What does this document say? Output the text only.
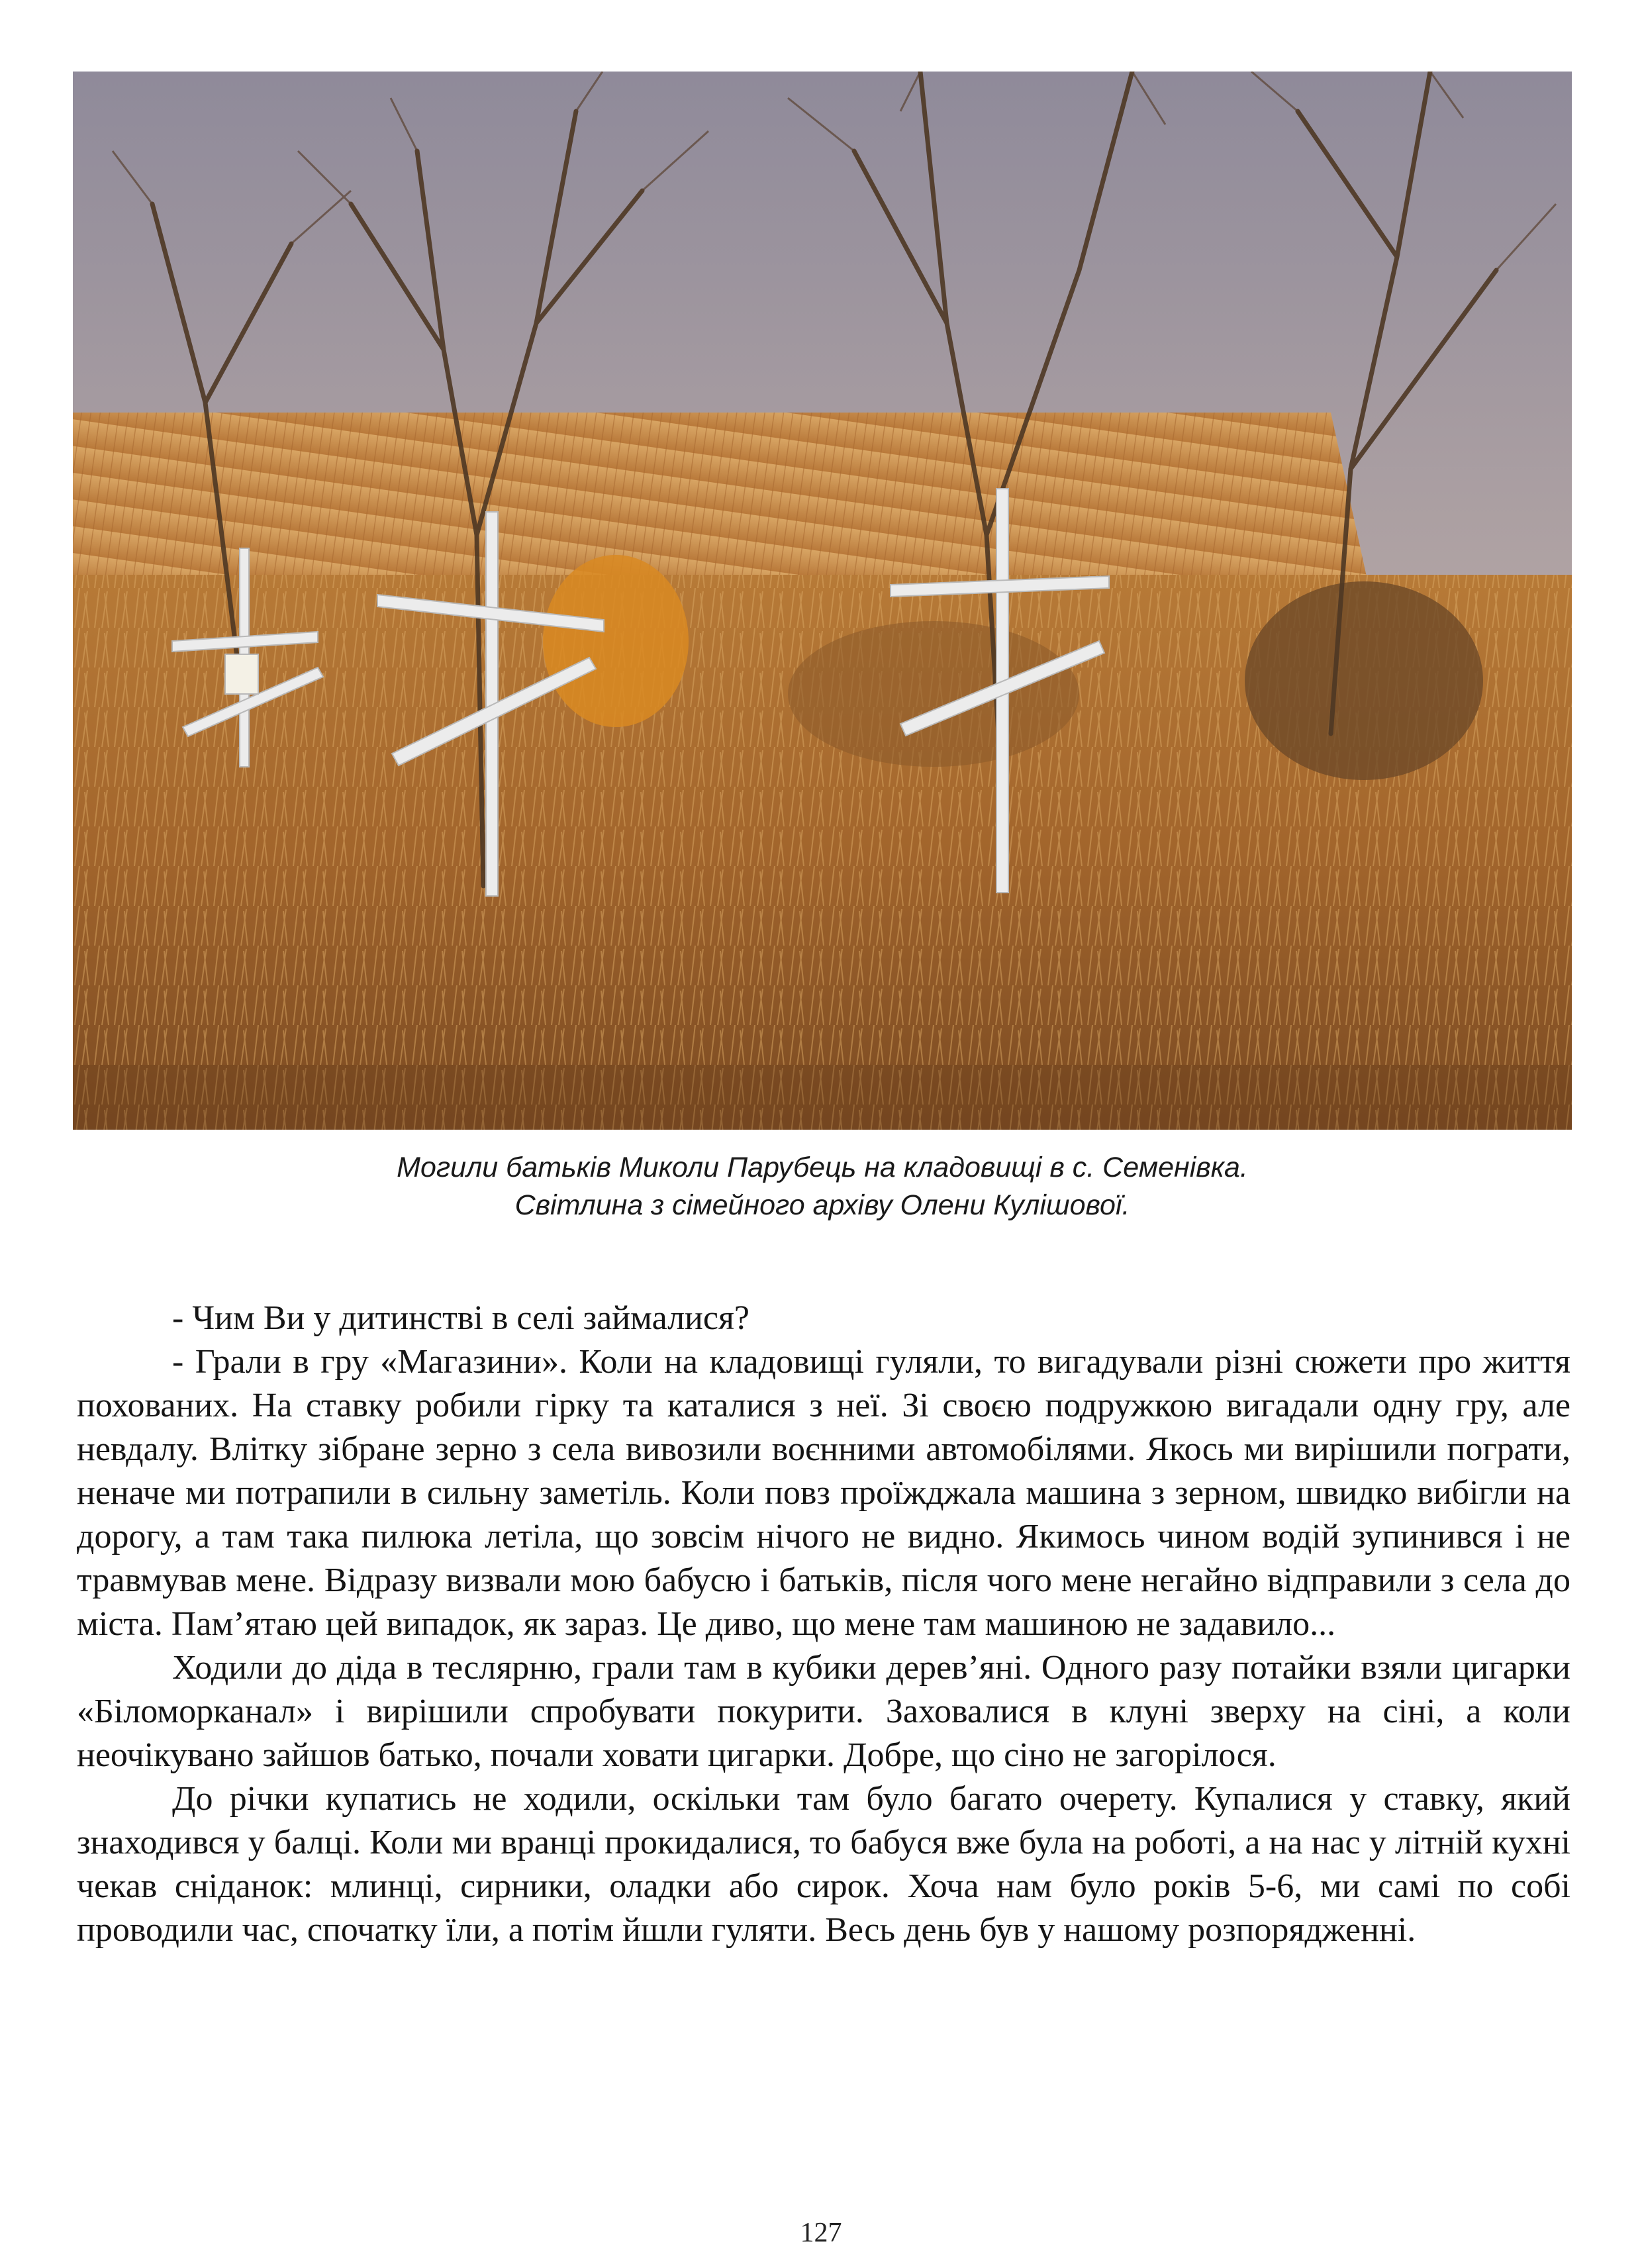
Могили батьків Миколи Парубець на кладовищі в с. Семенівка.
Світлина з сімейного архіву Олени Кулішової.

- Чим Ви у дитинстві в селі займалися?

- Грали в гру «Магазини». Коли на кладовищі гуляли, то вигадували різні сюжети про життя похованих. На ставку робили гірку та каталися з неї. Зі своєю подружкою вигадали одну гру, але невдалу. Влітку зібране зерно з села вивозили воєнними автомобілями. Якось ми вирішили пограти, неначе ми потрапили в сильну заметіль. Коли повз проїжджала машина з зерном, швидко вибігли на дорогу, а там така пилюка летіла, що зовсім нічого не видно. Якимось чином водій зупинився і не травмував мене. Відразу визвали мою бабусю і батьків, після чого мене негайно відправили з села до міста. Пам’ятаю цей випадок, як зараз. Це диво, що мене там машиною не задавило...

Ходили до діда в теслярню, грали там в кубики дерев’яні. Одного разу потайки взяли цигарки «Біломорканал» і вирішили спробувати покурити. Заховалися в клуні зверху на сіні, а коли неочікувано зайшов батько, почали ховати цигарки. Добре, що сіно не загорілося.

До річки купатись не ходили, оскільки там було багато очерету. Купалися у ставку, який знаходився у балці. Коли ми вранці прокидалися, то бабуся вже була на роботі, а на нас у літній кухні чекав сніданок: млинці, сирники, оладки або сирок. Хоча нам було років 5-6, ми самі по собі проводили час, спочатку їли, а потім йшли гуляти. Весь день був у нашому розпорядженні.

127
